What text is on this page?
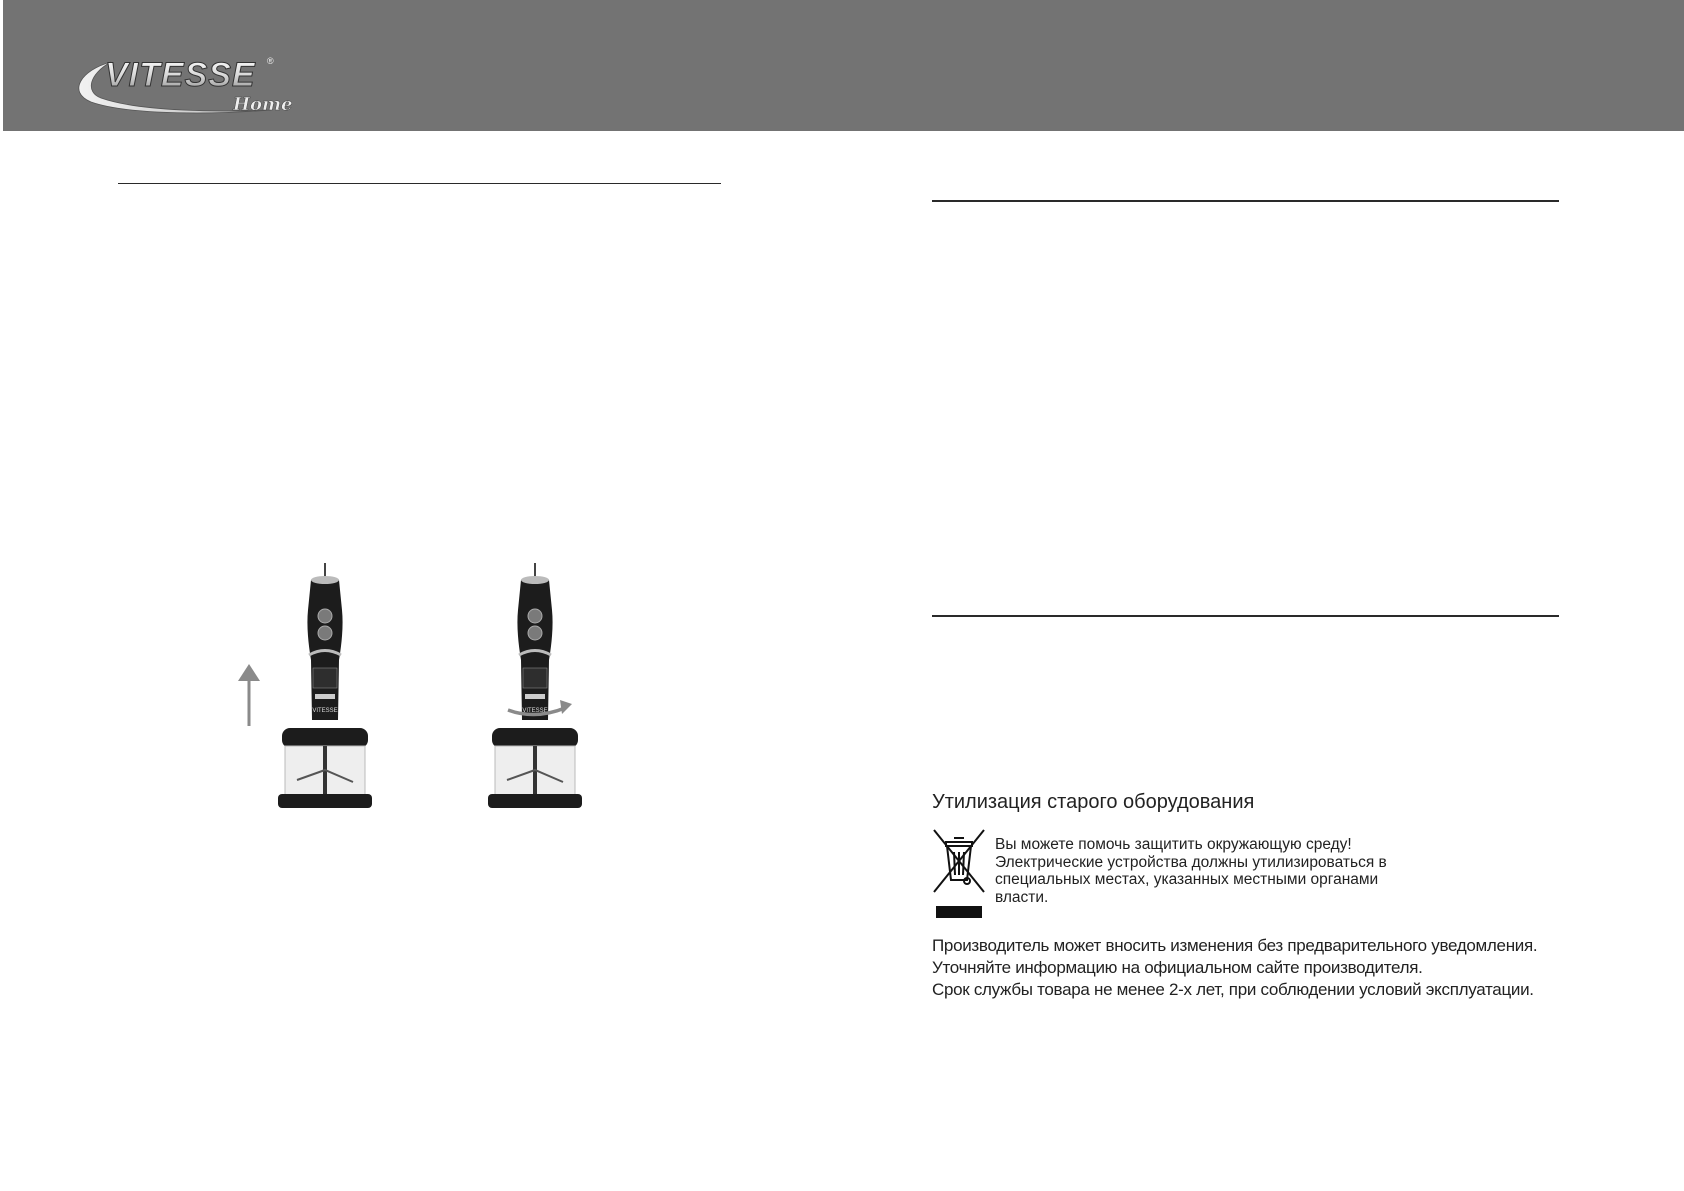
VITESSE ®
Home
VITESSE	VITESSE
Утилизация старого оборудования
Вы можете помочь защитить окружающую среду!
Электрические устройства должны утилизироваться в
специальных местах, указанных местными органами
власти.
Производитель может вносить изменения без предварительного уведомления.
Уточняйте информацию на официальном сайте производителя.
Срок службы товара не менее 2-х лет, при соблюдении условий эксплуатации.
